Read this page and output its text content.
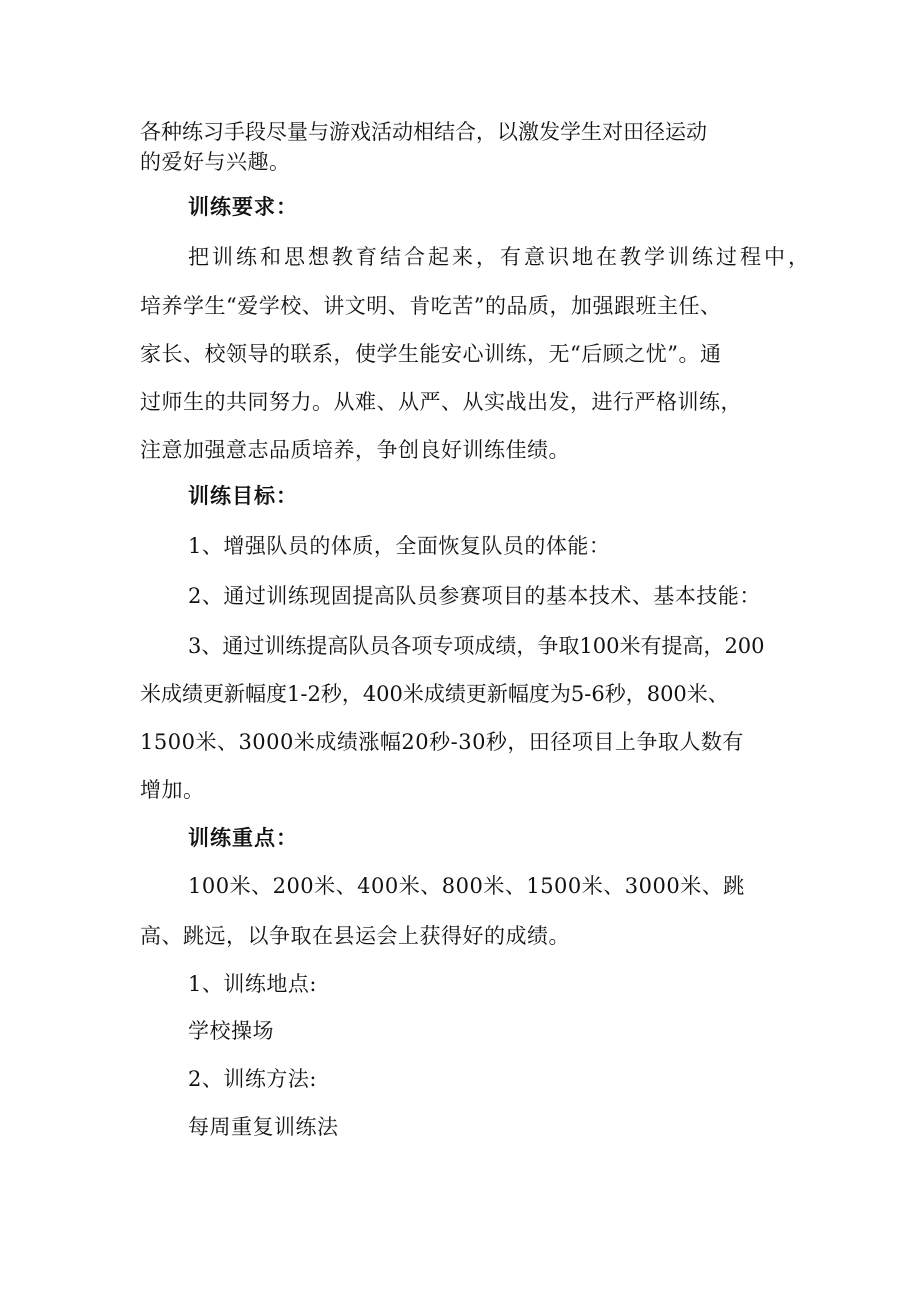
各种练习手段尽量与游戏活动相结合，以激发学生对田径运动
的爱好与兴趣。
训练要求：
把训练和思想教育结合起来，有意识地在教学训练过程中，
培养学生“爱学校、讲文明、肯吃苦”的品质，加强跟班主任、
家长、校领导的联系，使学生能安心训练，无“后顾之忧”。通
过师生的共同努力。从难、从严、从实战出发，进行严格训练，
注意加强意志品质培养，争创良好训练佳绩。
训练目标：
1、增强队员的体质，全面恢复队员的体能：
2、通过训练现固提高队员参赛项目的基本技术、基本技能：
3、通过训练提高队员各项专项成绩，争取100米有提高，200
米成绩更新幅度1-2秒，400米成绩更新幅度为5-6秒，800米、
1500米、3000米成绩涨幅20秒-30秒，田径项目上争取人数有
增加。
训练重点：
100米、200米、400米、800米、1500米、3000米、跳
高、跳远，以争取在县运会上获得好的成绩。
1、训练地点:
学校操场
2、训练方法:
每周重复训练法
